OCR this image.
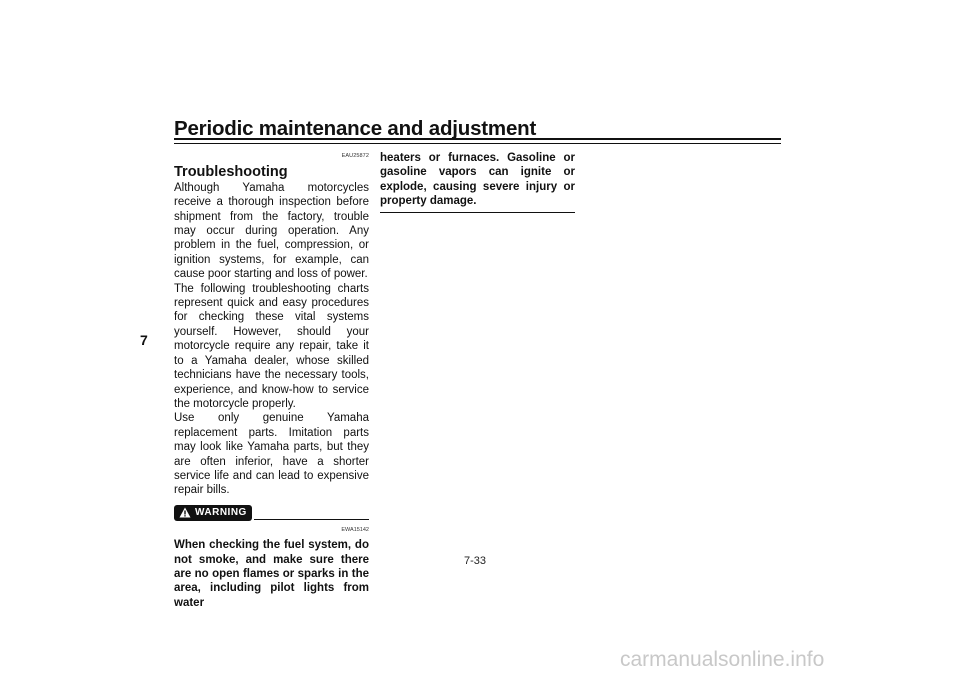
Periodic maintenance and adjustment
7
EAU25872
Troubleshooting
Although Yamaha motorcycles receive a thorough inspection before shipment from the factory, trouble may occur during operation. Any problem in the fuel, compression, or ignition systems, for example, can cause poor starting and loss of power.
The following troubleshooting charts represent quick and easy procedures for checking these vital systems yourself. However, should your motorcycle require any repair, take it to a Yamaha dealer, whose skilled technicians have the necessary tools, experience, and know-how to service the motorcycle properly.
Use only genuine Yamaha replacement parts. Imitation parts may look like Yamaha parts, but they are often inferior, have a shorter service life and can lead to expensive repair bills.
WARNING
EWA15142
When checking the fuel system, do not smoke, and make sure there are no open flames or sparks in the area, including pilot lights from water
heaters or furnaces. Gasoline or gasoline vapors can ignite or explode, causing severe injury or property damage.
7-33
carmanualsonline.info
